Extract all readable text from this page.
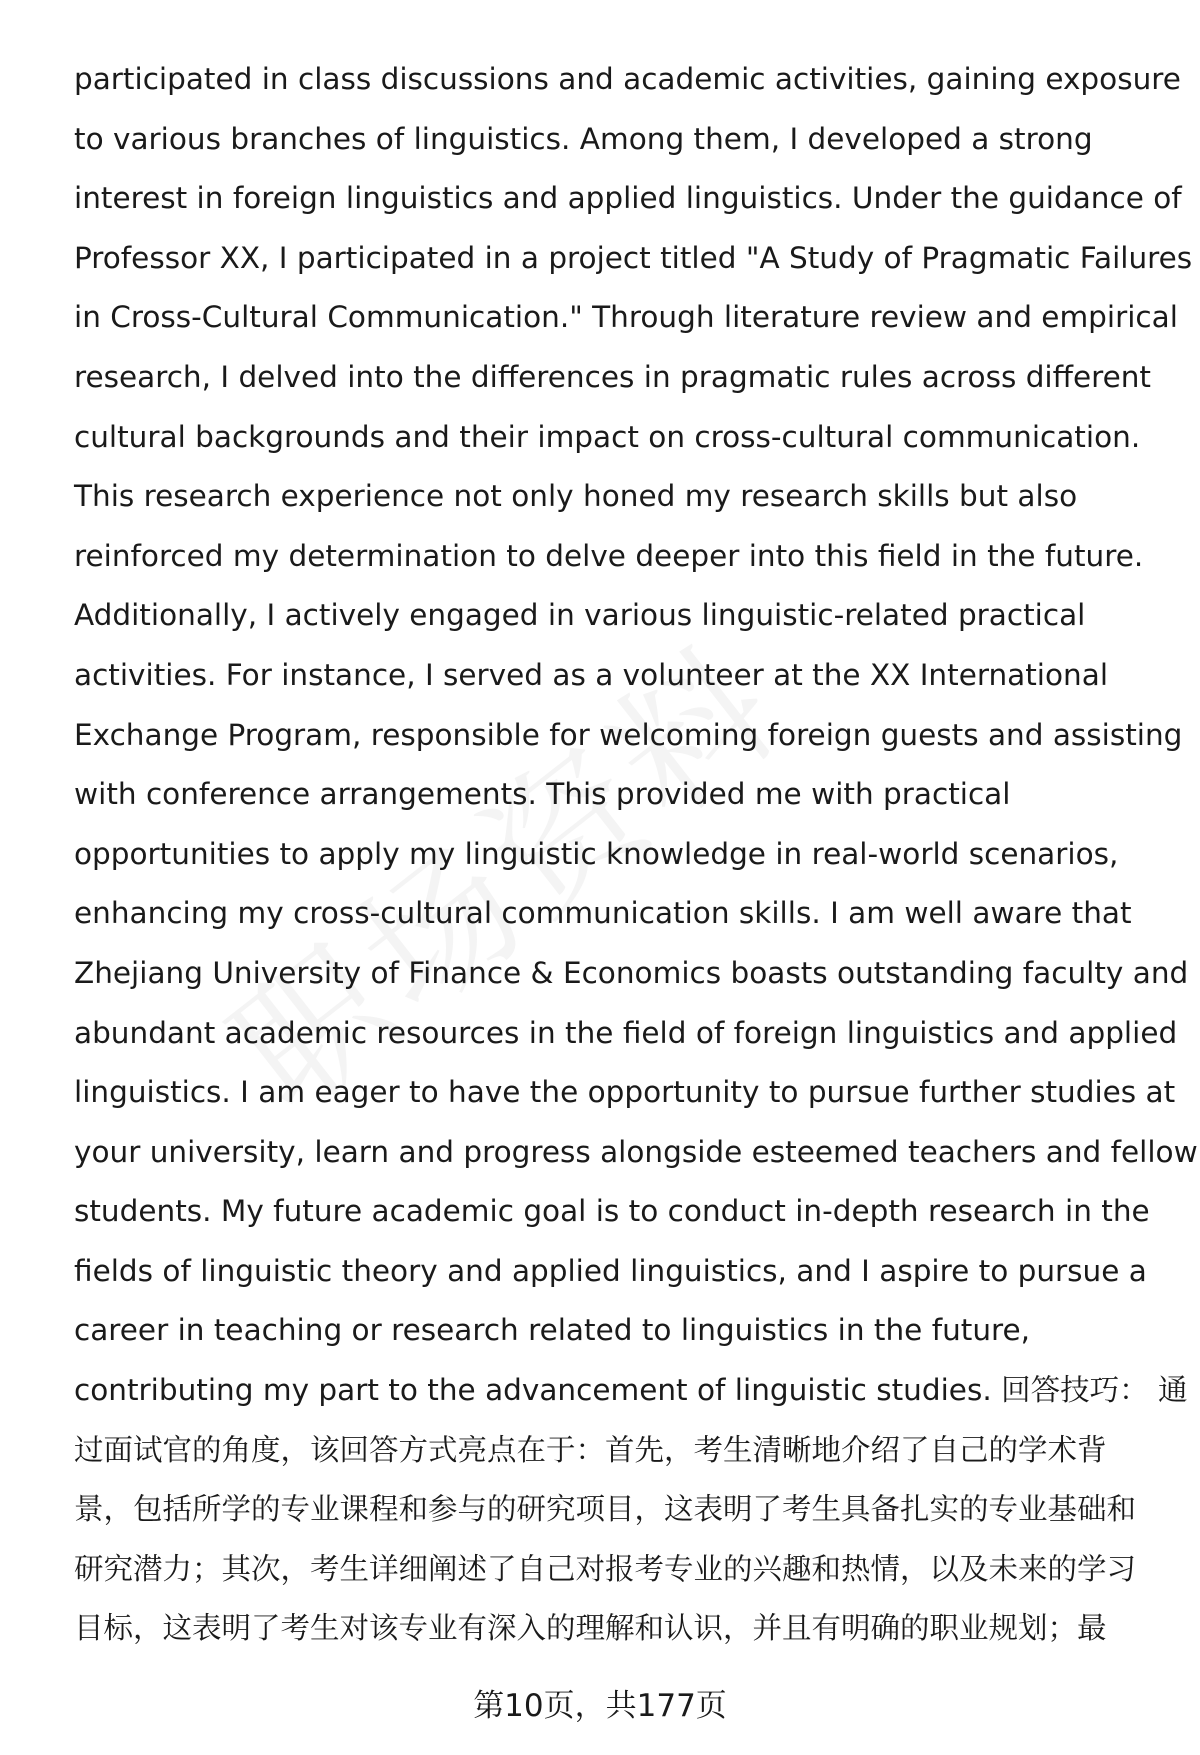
participated in class discussions and academic activities, gaining exposure
to various branches of linguistics. Among them, I developed a strong
interest in foreign linguistics and applied linguistics. Under the guidance of
Professor XX, I participated in a project titled "A Study of Pragmatic Failures
in Cross-Cultural Communication." Through literature review and empirical
research, I delved into the differences in pragmatic rules across different
cultural backgrounds and their impact on cross-cultural communication.
This research experience not only honed my research skills but also
reinforced my determination to delve deeper into this field in the future.
Additionally, I actively engaged in various linguistic-related practical
activities. For instance, I served as a volunteer at the XX International
Exchange Program, responsible for welcoming foreign guests and assisting
with conference arrangements. This provided me with practical
opportunities to apply my linguistic knowledge in real-world scenarios,
enhancing my cross-cultural communication skills. I am well aware that
Zhejiang University of Finance & Economics boasts outstanding faculty and
abundant academic resources in the field of foreign linguistics and applied
linguistics. I am eager to have the opportunity to pursue further studies at
your university, learn and progress alongside esteemed teachers and fellow
students. My future academic goal is to conduct in-depth research in the
fields of linguistic theory and applied linguistics, and I aspire to pursue a
career in teaching or research related to linguistics in the future,
contributing my part to the advancement of linguistic studies. 回答技巧： 通
过面试官的角度，该回答方式亮点在于：首先，考生清晰地介绍了自己的学术背
景，包括所学的专业课程和参与的研究项目，这表明了考生具备扎实的专业基础和
研究潜力；其次，考生详细阐述了自己对报考专业的兴趣和热情，以及未来的学习
目标，这表明了考生对该专业有深入的理解和认识，并且有明确的职业规划；最
第10页，共177页
